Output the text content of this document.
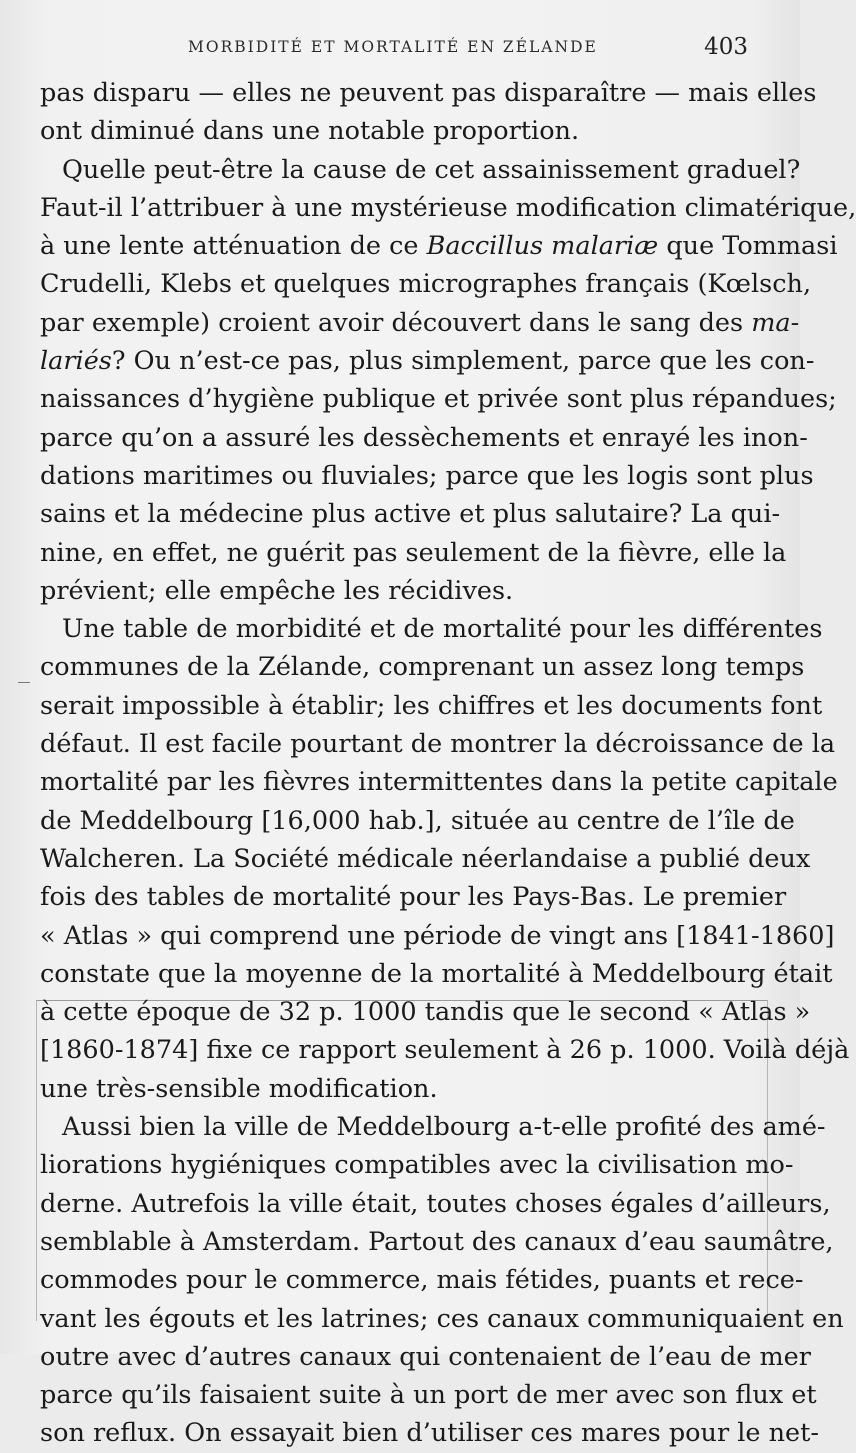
MORBIDITÉ ET MORTALITÉ EN ZÉLANDE	403
pas disparu — elles ne peuvent pas disparaître — mais elles
ont diminué dans une notable proportion.
Quelle peut-être la cause de cet assainissement graduel?
Faut-il l’attribuer à une mystérieuse modification climatérique,
à une lente atténuation de ce Baccillus malariæ que Tommasi
Crudelli, Klebs et quelques micrographes français (Kœlsch,
par exemple) croient avoir découvert dans le sang des ma-
lariés? Ou n’est-ce pas, plus simplement, parce que les con-
naissances d’hygiène publique et privée sont plus répandues;
parce qu’on a assuré les dessèchements et enrayé les inon-
dations maritimes ou fluviales; parce que les logis sont plus
sains et la médecine plus active et plus salutaire? La qui-
nine, en effet, ne guérit pas seulement de la fièvre, elle la
prévient; elle empêche les récidives.
Une table de morbidité et de mortalité pour les différentes
communes de la Zélande, comprenant un assez long temps
serait impossible à établir; les chiffres et les documents font
défaut. Il est facile pourtant de montrer la décroissance de la
mortalité par les fièvres intermittentes dans la petite capitale
de Meddelbourg [16,000 hab.], située au centre de l’île de
Walcheren. La Société médicale néerlandaise a publié deux
fois des tables de mortalité pour les Pays-Bas. Le premier
« Atlas » qui comprend une période de vingt ans [1841-1860]
constate que la moyenne de la mortalité à Meddelbourg était
à cette époque de 32 p. 1000 tandis que le second « Atlas »
[1860-1874] fixe ce rapport seulement à 26 p. 1000. Voilà déjà
une très-sensible modification.
Aussi bien la ville de Meddelbourg a-t-elle profité des amé-
liorations hygiéniques compatibles avec la civilisation mo-
derne. Autrefois la ville était, toutes choses égales d’ailleurs,
semblable à Amsterdam. Partout des canaux d’eau saumâtre,
commodes pour le commerce, mais fétides, puants et rece-
vant les égouts et les latrines; ces canaux communiquaient en
outre avec d’autres canaux qui contenaient de l’eau de mer
parce qu’ils faisaient suite à un port de mer avec son flux et
son reflux. On essayait bien d’utiliser ces mares pour le net-
